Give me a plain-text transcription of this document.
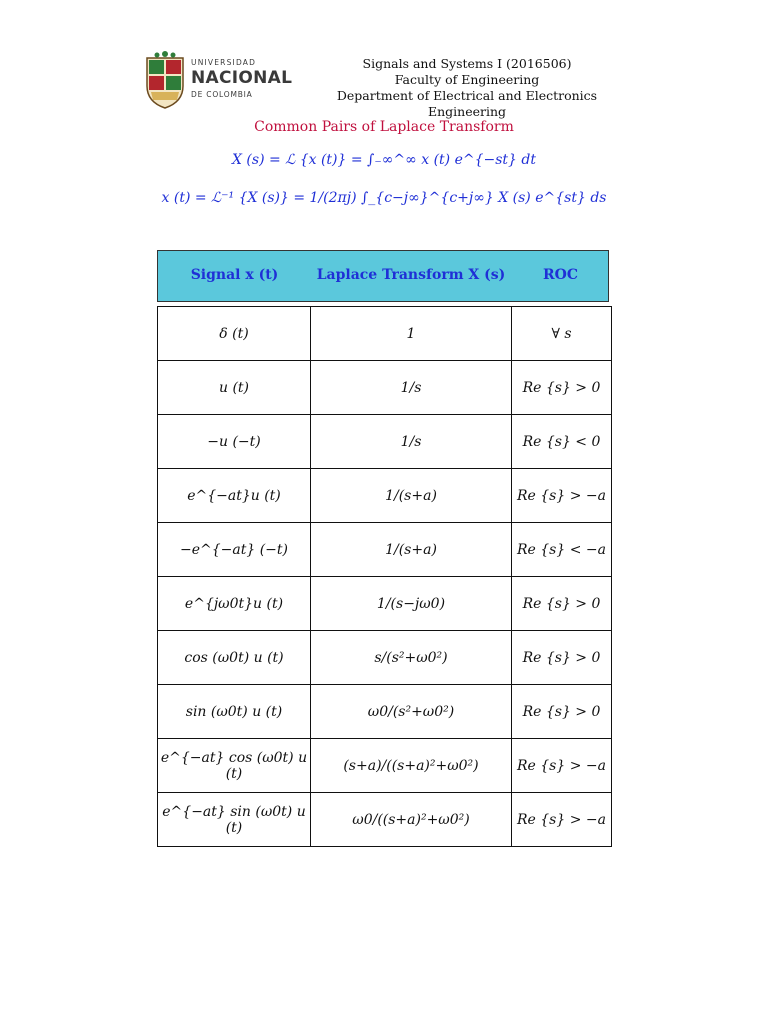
UNIVERSIDAD
NACIONAL
DE COLOMBIA
Signals and Systems I (2016506)
Faculty of Engineering
Department of Electrical and Electronics Engineering
Common Pairs of Laplace Transform
X (s) = ℒ {x (t)} = ∫₋∞^∞ x (t) e^{−st} dt
x (t) = ℒ⁻¹ {X (s)} = 1/(2πj) ∫_{c−j∞}^{c+j∞} X (s) e^{st} ds
Signal x (t)	Laplace Transform X (s)	ROC
δ (t)	1	∀ s
u (t)	1/s	Re {s} > 0
−u (−t)	1/s	Re {s} < 0
e^{−at}u (t)	1/(s+a)	Re {s} > −a
−e^{−at} (−t)	1/(s+a)	Re {s} < −a
e^{jω0t}u (t)	1/(s−jω0)	Re {s} > 0
cos (ω0t) u (t)	s/(s²+ω0²)	Re {s} > 0
sin (ω0t) u (t)	ω0/(s²+ω0²)	Re {s} > 0
e^{−at} cos (ω0t) u (t)	(s+a)/((s+a)²+ω0²)	Re {s} > −a
e^{−at} sin (ω0t) u (t)	ω0/((s+a)²+ω0²)	Re {s} > −a
